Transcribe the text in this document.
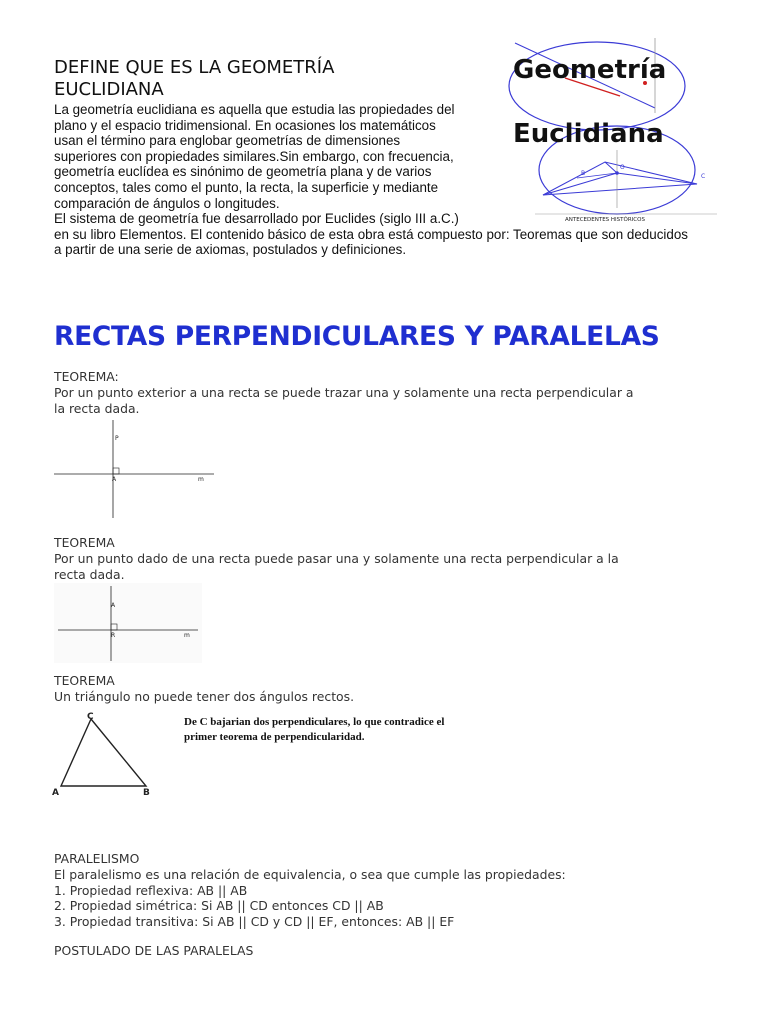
DEFINE QUE ES LA GEOMETRÍA
EUCLIDIANA
La geometría euclidiana es aquella que estudia las propiedades del
plano y el espacio tridimensional. En ocasiones los matemáticos
usan el término para englobar geometrías de dimensiones
superiores con propiedades similares.Sin embargo, con frecuencia,
geometría euclídea es sinónimo de geometría plana y de varios
conceptos, tales como el punto, la recta, la superficie y mediante
comparación de ángulos o longitudes.
El sistema de geometría fue desarrollado por Euclides (siglo III a.C.)
en su libro Elementos. El contenido básico de esta obra está compuesto por: Teoremas que son deducidos
a partir de una serie de axiomas, postulados y definiciones.
Geometría
Euclidiana
B	C
O
ANTECEDENTES HISTÓRICOS
RECTAS PERPENDICULARES Y PARALELAS
TEOREMA:
Por un punto exterior a una recta se puede trazar una y solamente una recta perpendicular a
la recta dada.
P
A	m
TEOREMA
Por un punto dado de una recta puede pasar una y solamente una recta perpendicular a la
recta dada.
A
R	m
TEOREMA
Un triángulo no puede tener dos ángulos rectos.
C
A	B
De C bajarian dos perpendiculares, lo que contradice el
primer teorema de perpendicularidad.
PARALELISMO
El paralelismo es una relación de equivalencia, o sea que cumple las propiedades:
1. Propiedad reflexiva: AB || AB
2. Propiedad simétrica: Si AB || CD entonces CD || AB
3. Propiedad transitiva: Si AB || CD y CD || EF, entonces: AB || EF
POSTULADO DE LAS PARALELAS
